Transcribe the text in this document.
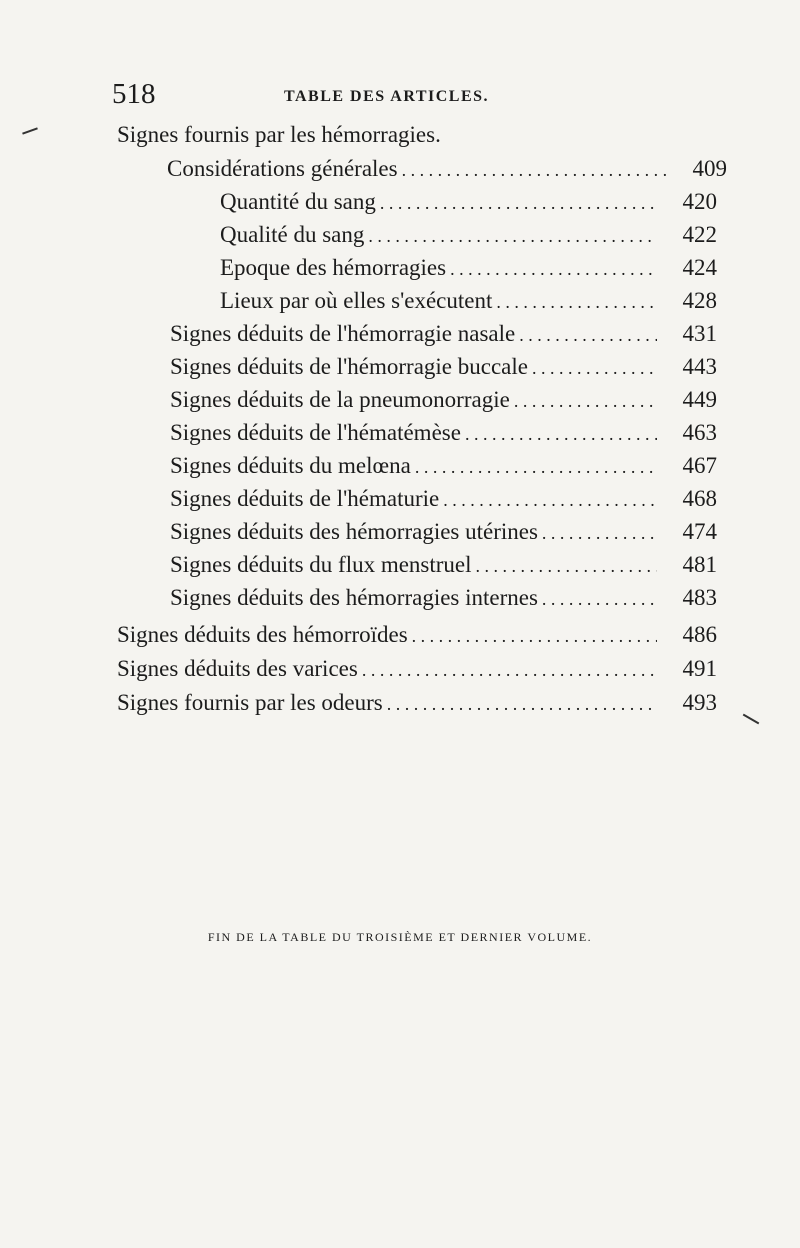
518	TABLE DES ARTICLES.
Signes fournis par les hémorragies.
Considérations générales . . .	409
Quantité du sang . . .	420
Qualité du sang . . .	422
Epoque des hémorragies . . .	424
Lieux par où elles s'exécutent . . .	428
Signes déduits de l'hémorragie nasale . . .	431
Signes déduits de l'hémorragie buccale . . .	443
Signes déduits de la pneumonorragie . . .	449
Signes déduits de l'hématémèse . . .	463
Signes déduits du melœna . . .	467
Signes déduits de l'hématurie . . .	468
Signes déduits des hémorragies utérines . . .	474
Signes déduits du flux menstruel . . .	481
Signes déduits des hémorragies internes . . .	483
Signes déduits des hémorroïdes . . .	486
Signes déduits des varices . . .	491
Signes fournis par les odeurs . . .	493
FIN DE LA TABLE DU TROISIÈME ET DERNIER VOLUME.
